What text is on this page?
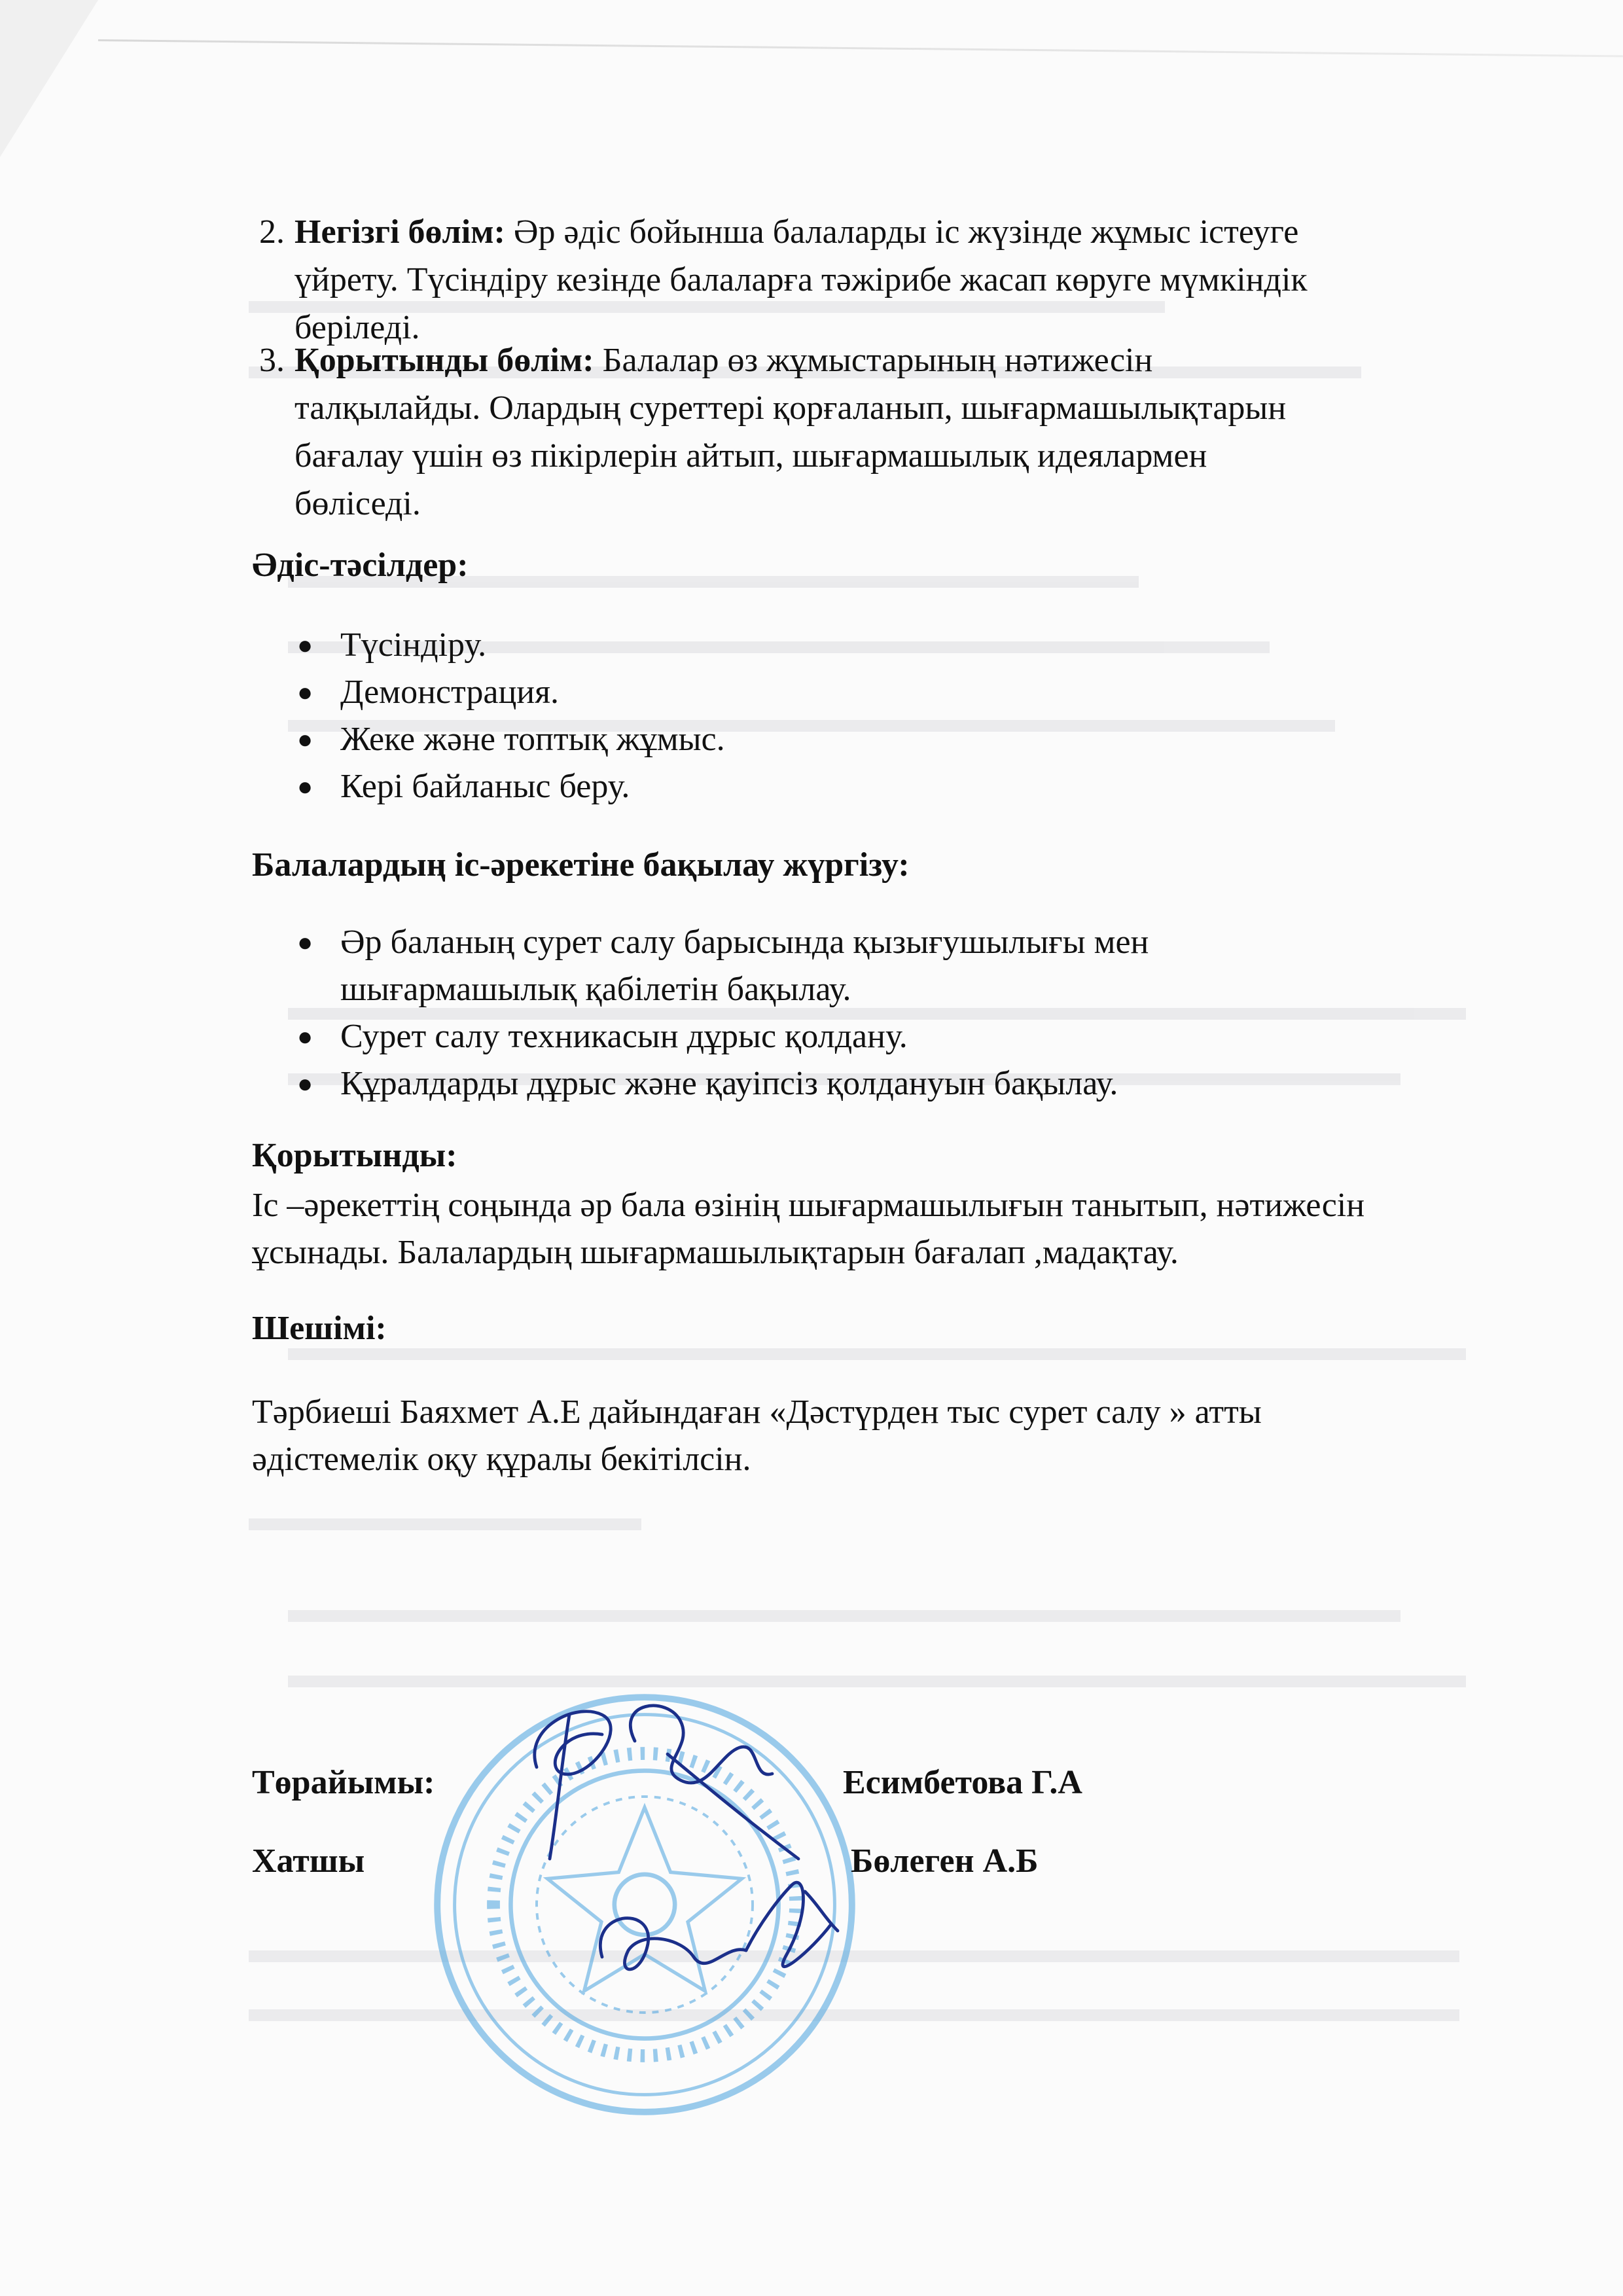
2. Негізгі бөлім: Әр әдіс бойынша балаларды іс жүзінде жұмыс істеуге
үйрету. Түсіндіру кезінде балаларға тәжірибе жасап көруге мүмкіндік
беріледі.
3. Қорытынды бөлім: Балалар өз жұмыстарының нәтижесін
талқылайды. Олардың суреттері қорғаланып, шығармашылықтарын
бағалау үшін өз пікірлерін айтып, шығармашылық идеялармен
бөліседі.
Әдіс-тәсілдер:
● Түсіндіру.
● Демонстрация.
● Жеке және топтық жұмыс.
● Кері байланыс беру.
Балалардың іс-әрекетіне бақылау жүргізу:
● Әр баланың сурет салу барысында қызығушылығы мен
шығармашылық қабілетін бақылау.
● Сурет салу техникасын дұрыс қолдану.
● Құралдарды дұрыс және қауіпсіз қолдануын бақылау.
Қорытынды:
Іс –әрекеттің соңында әр бала өзінің шығармашылығын танытып, нәтижесін
ұсынады. Балалардың шығармашылықтарын бағалап ,мадақтау.
Шешімі:
Тәрбиеші Баяхмет А.Е дайындаған «Дәстүрден тыс сурет салу » атты
әдістемелік оқу құралы бекітілсін.
Төрайымы:	Есимбетова Г.А
Хатшы	Бөлеген А.Б
